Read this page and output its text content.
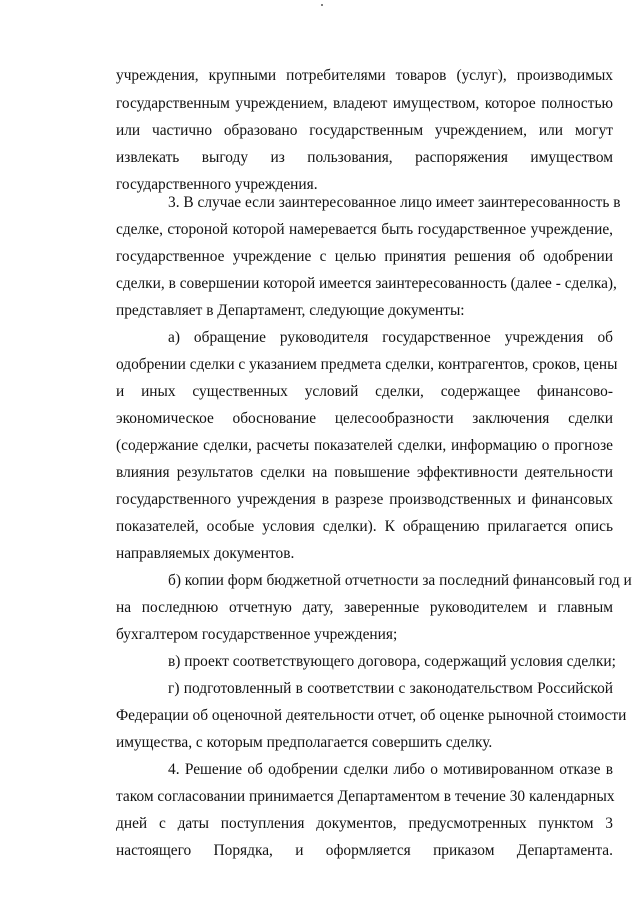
учреждения, крупными потребителями товаров (услуг), производимых
государственным учреждением, владеют имуществом, которое полностью
или частично образовано государственным учреждением, или могут
извлекать выгоду из пользования, распоряжения имуществом
государственного учреждения.
3. В случае если заинтересованное лицо имеет заинтересованность в
сделке, стороной которой намеревается быть государственное учреждение,
государственное учреждение с целью принятия решения об одобрении
сделки, в совершении которой имеется заинтересованность (далее - сделка),
представляет в Департамент, следующие документы:
а) обращение руководителя государственное учреждения об
одобрении сделки с указанием предмета сделки, контрагентов, сроков, цены
и иных существенных условий сделки, содержащее финансово-
экономическое обоснование целесообразности заключения сделки
(содержание сделки, расчеты показателей сделки, информацию о прогнозе
влияния результатов сделки на повышение эффективности деятельности
государственного учреждения в разрезе производственных и финансовых
показателей, особые условия сделки). К обращению прилагается опись
направляемых документов.
б) копии форм бюджетной отчетности за последний финансовый год и
на последнюю отчетную дату, заверенные руководителем и главным
бухгалтером государственное учреждения;
в) проект соответствующего договора, содержащий условия сделки;
г) подготовленный в соответствии с законодательством Российской
Федерации об оценочной деятельности отчет, об оценке рыночной стоимости
имущества, с которым предполагается совершить сделку.
4. Решение об одобрении сделки либо о мотивированном отказе в
таком согласовании принимается Департаментом в течение 30 календарных
дней с даты поступления документов, предусмотренных пунктом 3
настоящего Порядка, и оформляется приказом Департамента.
